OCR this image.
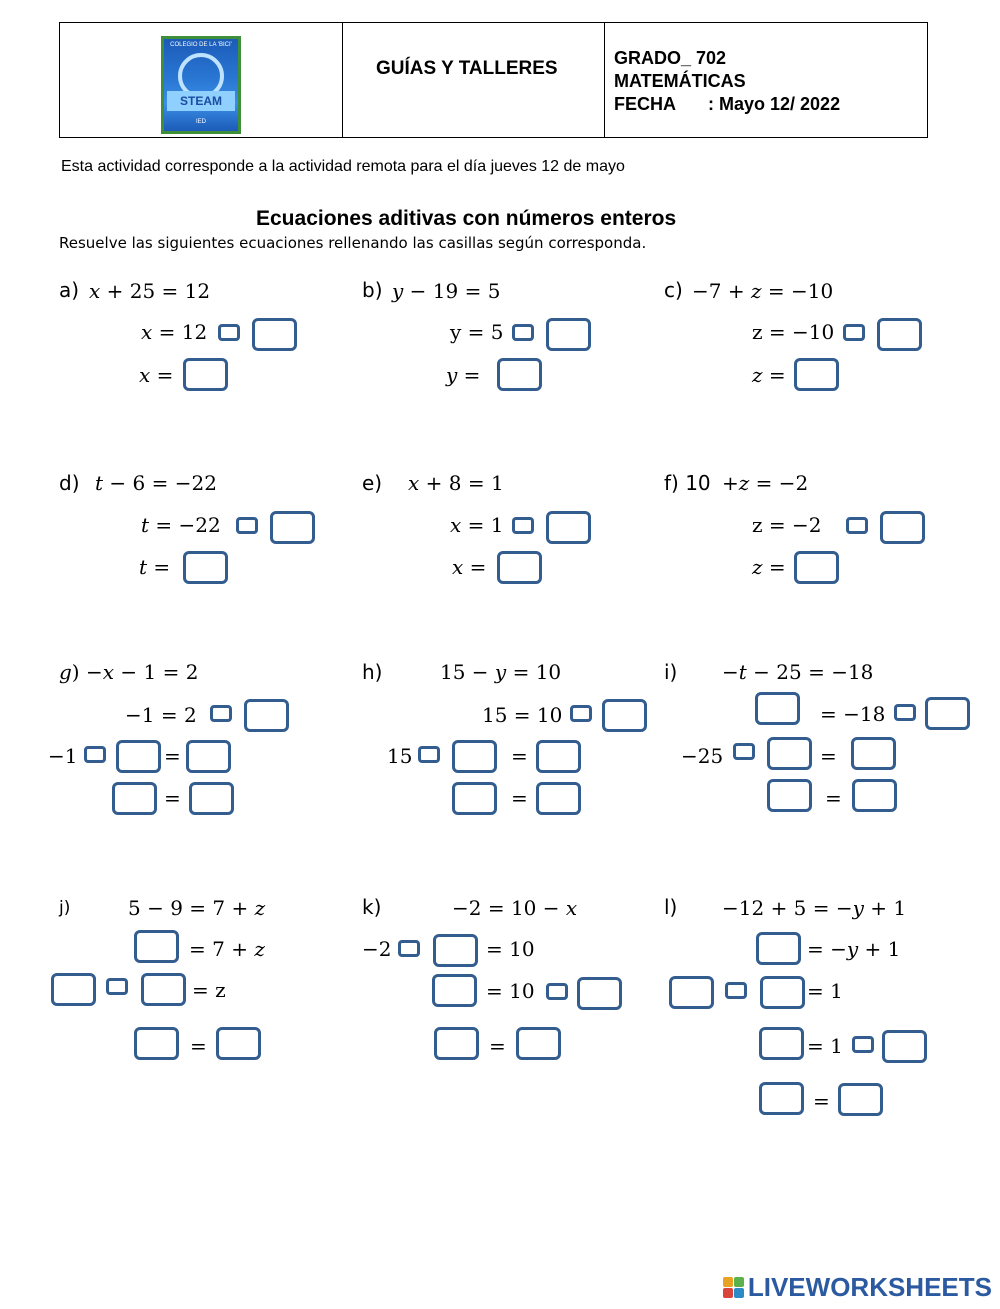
COLEGIO DE LA 'BICI'
STEAM
IED
GUÍAS Y TALLERES	GRADO_ 702
MATEMÁTICAS
FECHA : Mayo 12/ 2022
Esta actividad corresponde a la actividad remota para el día jueves 12 de mayo
Ecuaciones aditivas con números enteros
Resuelve las siguientes ecuaciones rellenando las casillas según corresponda.
a) 𝑥 + 25 = 12
𝑥 = 12
𝑥 =
b) 𝑦 − 19 = 5
y = 5
𝑦 =
c) −7 + 𝑧 = −10
z = −10
𝑧 =
d) 𝑡 − 6 = −22
𝑡 = −22
𝑡 =
e) 𝑥 + 8 = 1
𝑥 = 1
𝑥 =
f) 10 +𝑧 = −2
z = −2
𝑧 =
𝑔) −𝑥 − 1 = 2
−1 = 2
−1	=
=
h)	15 − 𝑦 = 10
15 = 10
15	=
=
i) −𝑡 − 25 = −18
= −18
−25	=
=
j)	5 − 9 = 7 + 𝑧
= 7 + 𝑧
= z
=
k)	−2 = 10 − 𝑥
−2	= 10
= 10
=
l) −12 + 5 = −𝑦 + 1
= −𝑦 + 1
= 1
= 1
=
LIVEWORKSHEETS
